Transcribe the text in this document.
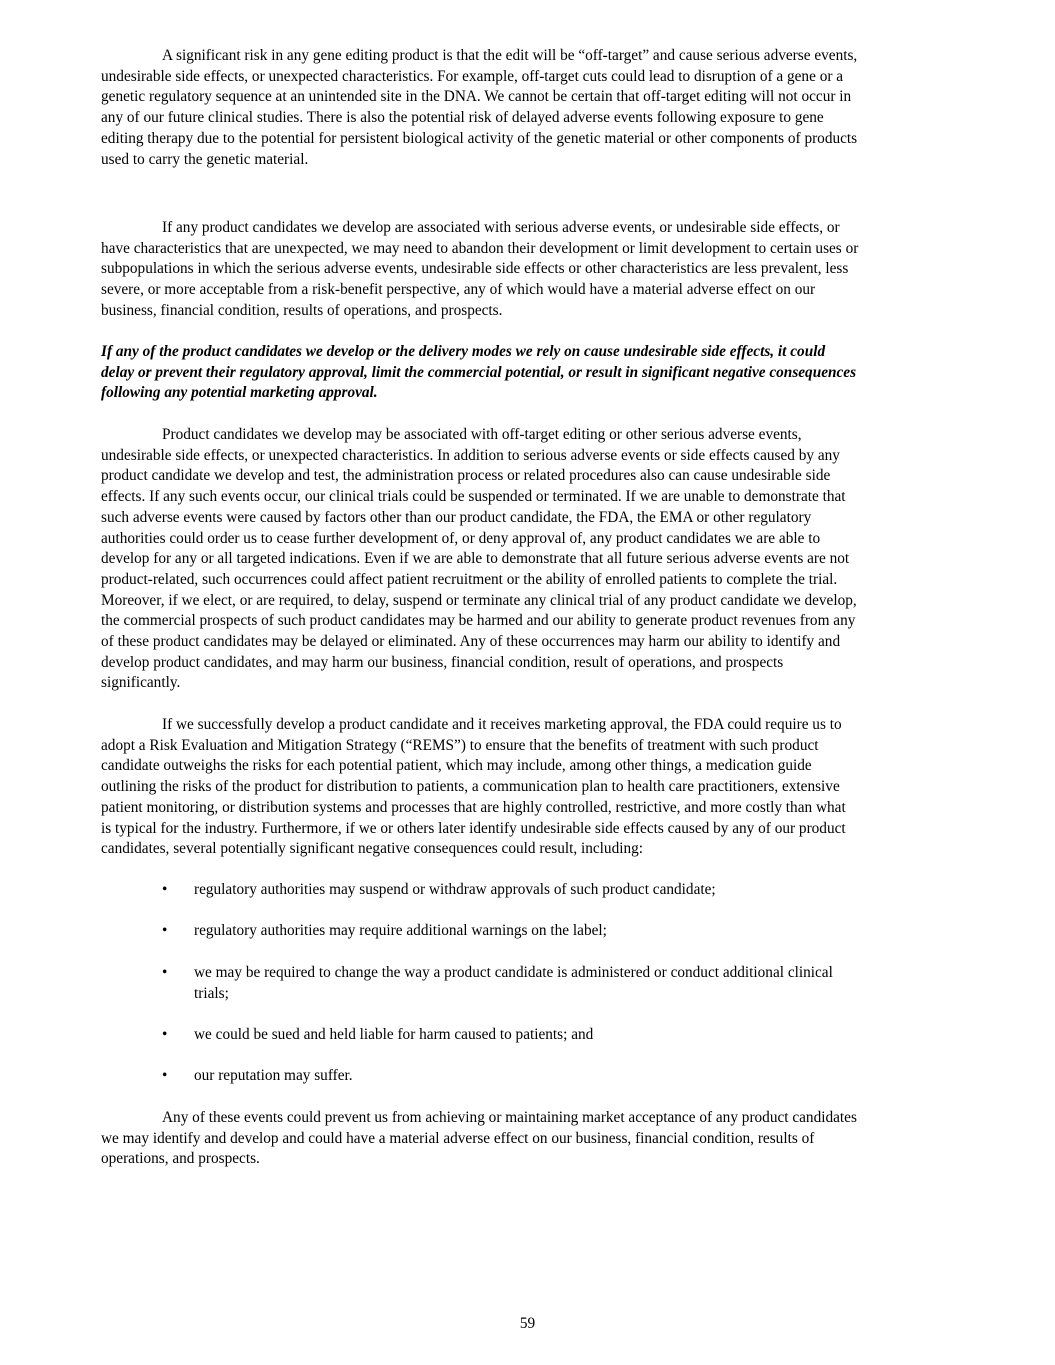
A significant risk in any gene editing product is that the edit will be “off-target” and cause serious adverse events,
undesirable side effects, or unexpected characteristics. For example, off-target cuts could lead to disruption of a gene or a
genetic regulatory sequence at an unintended site in the DNA. We cannot be certain that off-target editing will not occur in
any of our future clinical studies. There is also the potential risk of delayed adverse events following exposure to gene
editing therapy due to the potential for persistent biological activity of the genetic material or other components of products
used to carry the genetic material.
If any product candidates we develop are associated with serious adverse events, or undesirable side effects, or
have characteristics that are unexpected, we may need to abandon their development or limit development to certain uses or
subpopulations in which the serious adverse events, undesirable side effects or other characteristics are less prevalent, less
severe, or more acceptable from a risk-benefit perspective, any of which would have a material adverse effect on our
business, financial condition, results of operations, and prospects.
If any of the product candidates we develop or the delivery modes we rely on cause undesirable side effects, it could
delay or prevent their regulatory approval, limit the commercial potential, or result in significant negative consequences
following any potential marketing approval.
Product candidates we develop may be associated with off-target editing or other serious adverse events,
undesirable side effects, or unexpected characteristics. In addition to serious adverse events or side effects caused by any
product candidate we develop and test, the administration process or related procedures also can cause undesirable side
effects. If any such events occur, our clinical trials could be suspended or terminated. If we are unable to demonstrate that
such adverse events were caused by factors other than our product candidate, the FDA, the EMA or other regulatory
authorities could order us to cease further development of, or deny approval of, any product candidates we are able to
develop for any or all targeted indications. Even if we are able to demonstrate that all future serious adverse events are not
product-related, such occurrences could affect patient recruitment or the ability of enrolled patients to complete the trial.
Moreover, if we elect, or are required, to delay, suspend or terminate any clinical trial of any product candidate we develop,
the commercial prospects of such product candidates may be harmed and our ability to generate product revenues from any
of these product candidates may be delayed or eliminated. Any of these occurrences may harm our ability to identify and
develop product candidates, and may harm our business, financial condition, result of operations, and prospects
significantly.
If we successfully develop a product candidate and it receives marketing approval, the FDA could require us to
adopt a Risk Evaluation and Mitigation Strategy (“REMS”) to ensure that the benefits of treatment with such product
candidate outweighs the risks for each potential patient, which may include, among other things, a medication guide
outlining the risks of the product for distribution to patients, a communication plan to health care practitioners, extensive
patient monitoring, or distribution systems and processes that are highly controlled, restrictive, and more costly than what
is typical for the industry. Furthermore, if we or others later identify undesirable side effects caused by any of our product
candidates, several potentially significant negative consequences could result, including:
• regulatory authorities may suspend or withdraw approvals of such product candidate;
• regulatory authorities may require additional warnings on the label;
• we may be required to change the way a product candidate is administered or conduct additional clinical
trials;
• we could be sued and held liable for harm caused to patients; and
• our reputation may suffer.
Any of these events could prevent us from achieving or maintaining market acceptance of any product candidates
we may identify and develop and could have a material adverse effect on our business, financial condition, results of
operations, and prospects.
59
